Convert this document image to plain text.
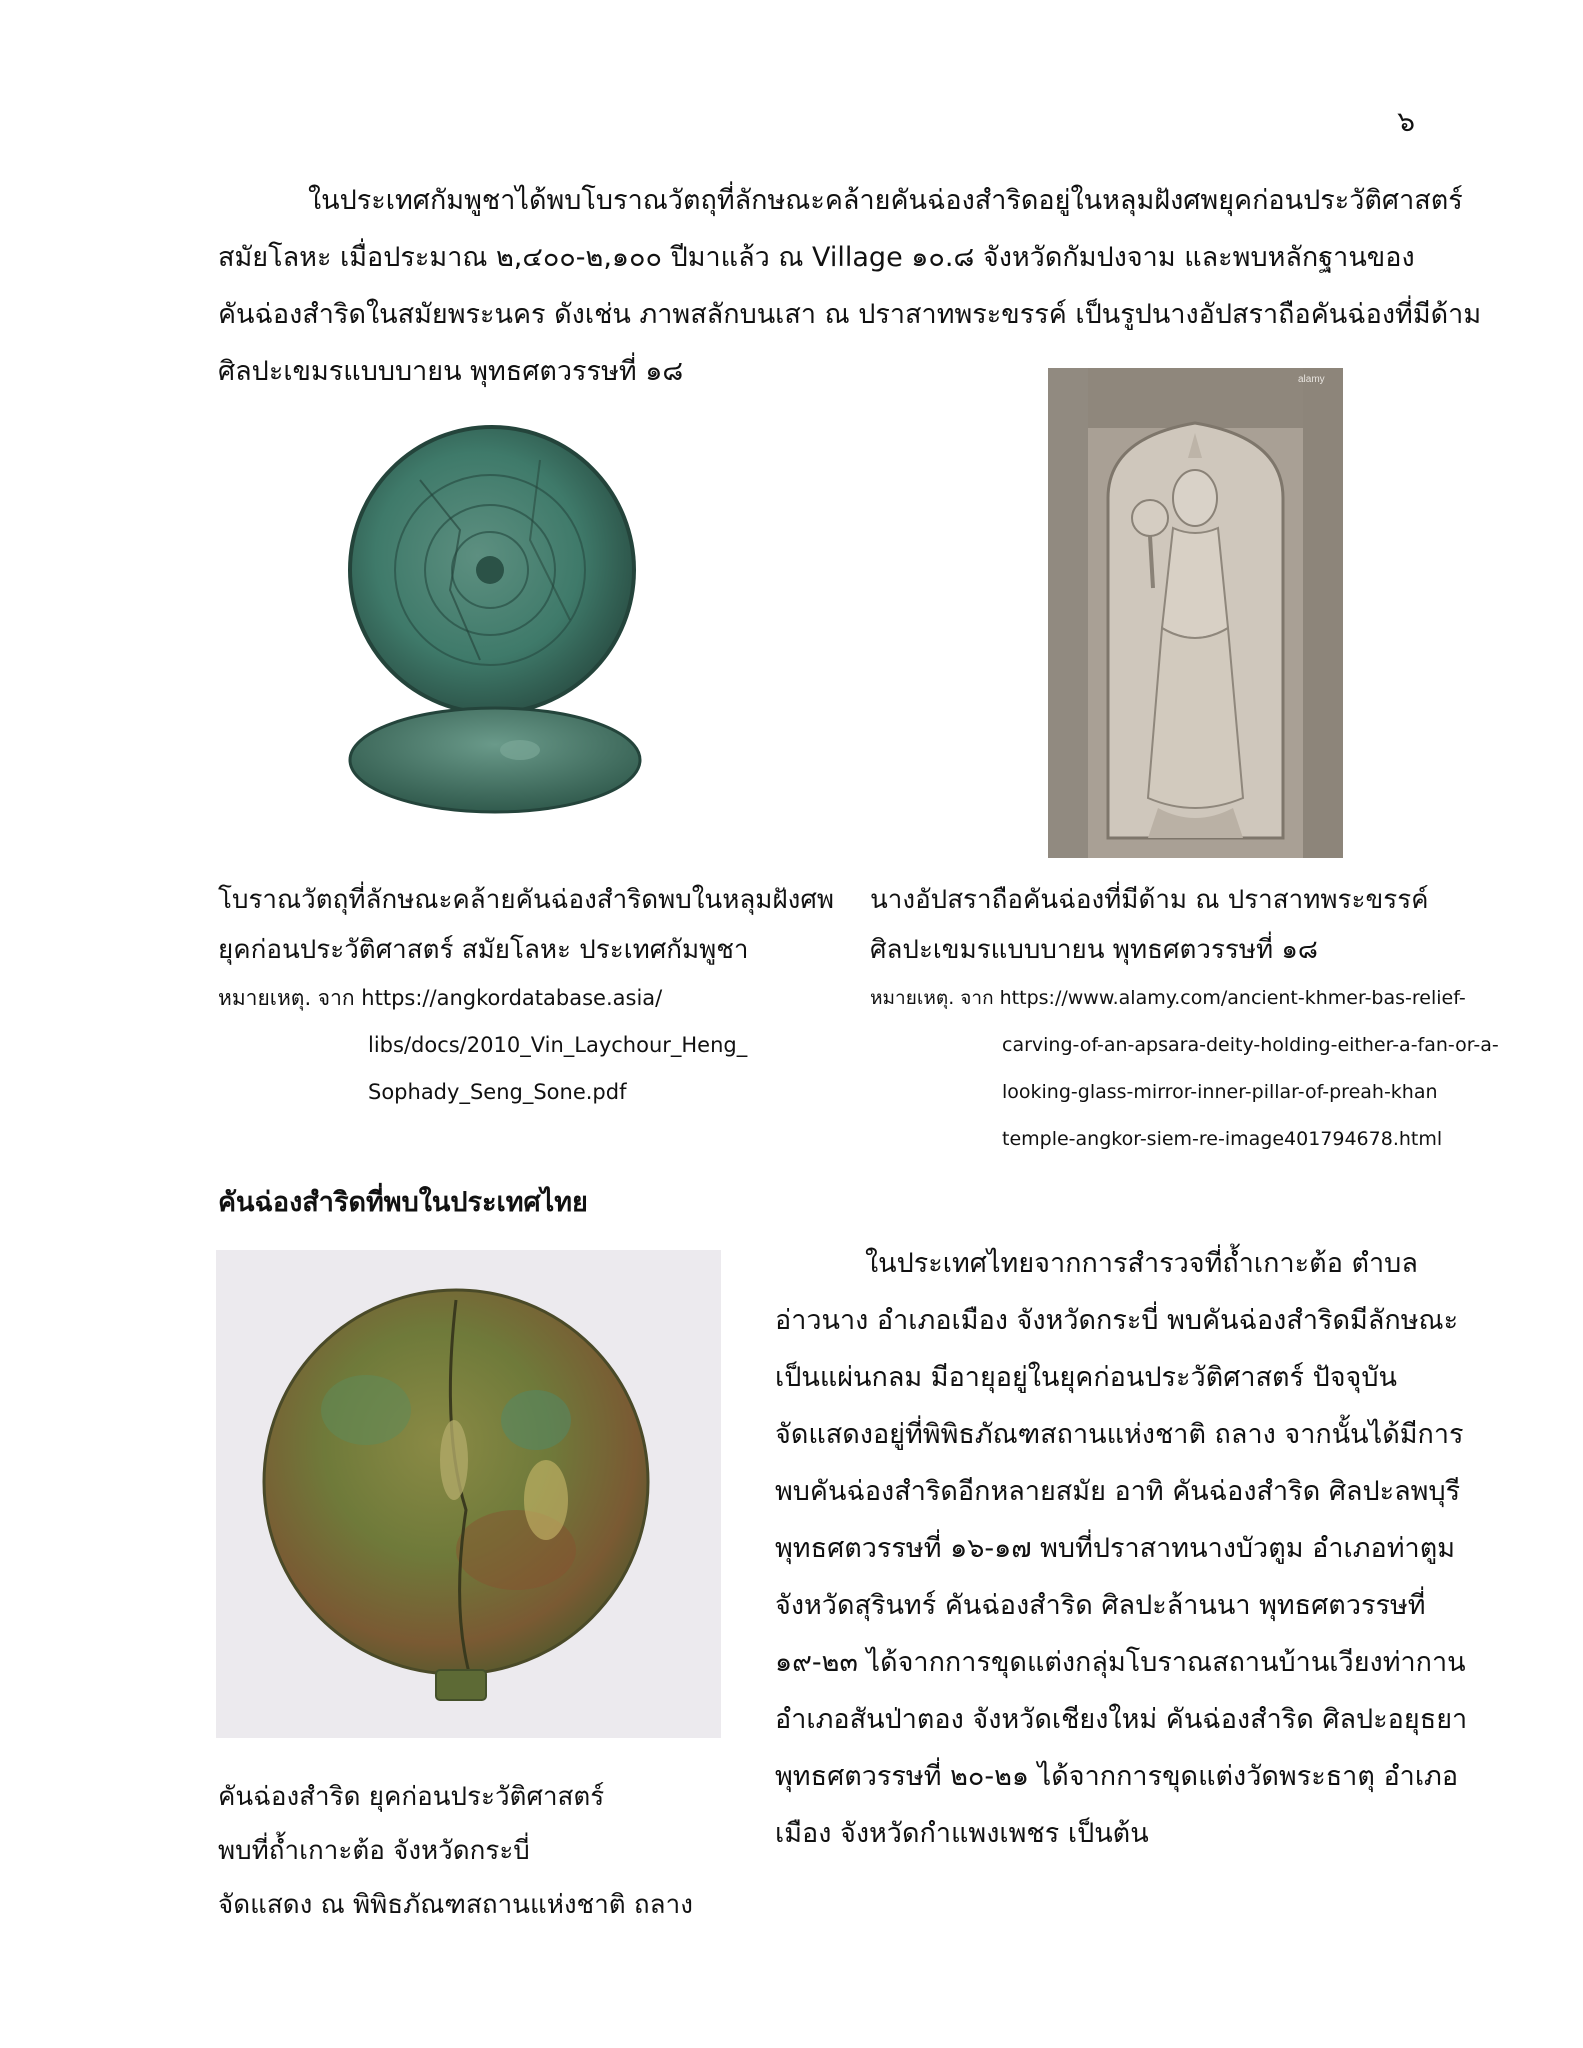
๖
ในประเทศกัมพูชาได้พบโบราณวัตถุที่ลักษณะคล้ายคันฉ่องสำริดอยู่ในหลุมฝังศพยุคก่อนประวัติศาสตร์
สมัยโลหะ เมื่อประมาณ ๒,๔๐๐-๒,๑๐๐ ปีมาแล้ว ณ Village ๑๐.๘ จังหวัดกัมปงจาม และพบหลักฐานของ
คันฉ่องสำริดในสมัยพระนคร ดังเช่น ภาพสลักบนเสา ณ ปราสาทพระขรรค์ เป็นรูปนางอัปสราถือคันฉ่องที่มีด้าม
ศิลปะเขมรแบบบายน พุทธศตวรรษที่ ๑๘	alamy

โบราณวัตถุที่ลักษณะคล้ายคันฉ่องสำริดพบในหลุมฝังศพ

ยุคก่อนประวัติศาสตร์ สมัยโลหะ ประเทศกัมพูชา

หมายเหตุ. จาก https://angkordatabase.asia/
libs/docs/2010_Vin_Laychour_Heng_
Sophady_Seng_Sone.pdf

นางอัปสราถือคันฉ่องที่มีด้าม ณ ปราสาทพระขรรค์

ศิลปะเขมรแบบบายน พุทธศตวรรษที่ ๑๘

หมายเหตุ. จาก https://www.alamy.com/ancient-khmer-bas-relief-
carving-of-an-apsara-deity-holding-either-a-fan-or-a-
looking-glass-mirror-inner-pillar-of-preah-khan
temple-angkor-siem-re-image401794678.html
คันฉ่องสำริดที่พบในประเทศไทย
ในประเทศไทยจากการสำรวจที่ถ้ำเกาะต้อ ตำบล
อ่าวนาง อำเภอเมือง จังหวัดกระบี่ พบคันฉ่องสำริดมีลักษณะ
เป็นแผ่นกลม มีอายุอยู่ในยุคก่อนประวัติศาสตร์ ปัจจุบัน
จัดแสดงอยู่ที่พิพิธภัณฑสถานแห่งชาติ ถลาง จากนั้นได้มีการ
พบคันฉ่องสำริดอีกหลายสมัย อาทิ คันฉ่องสำริด ศิลปะลพบุรี
พุทธศตวรรษที่ ๑๖-๑๗ พบที่ปราสาทนางบัวตูม อำเภอท่าตูม
จังหวัดสุรินทร์ คันฉ่องสำริด ศิลปะล้านนา พุทธศตวรรษที่
๑๙-๒๓ ได้จากการขุดแต่งกลุ่มโบราณสถานบ้านเวียงท่ากาน
อำเภอสันป่าตอง จังหวัดเชียงใหม่ คันฉ่องสำริด ศิลปะอยุธยา
พุทธศตวรรษที่ ๒๐-๒๑ ได้จากการขุดแต่งวัดพระธาตุ อำเภอ
เมือง จังหวัดกำแพงเพชร เป็นต้น

คันฉ่องสำริด ยุคก่อนประวัติศาสตร์

พบที่ถ้ำเกาะต้อ จังหวัดกระบี่

จัดแสดง ณ พิพิธภัณฑสถานแห่งชาติ ถลาง
